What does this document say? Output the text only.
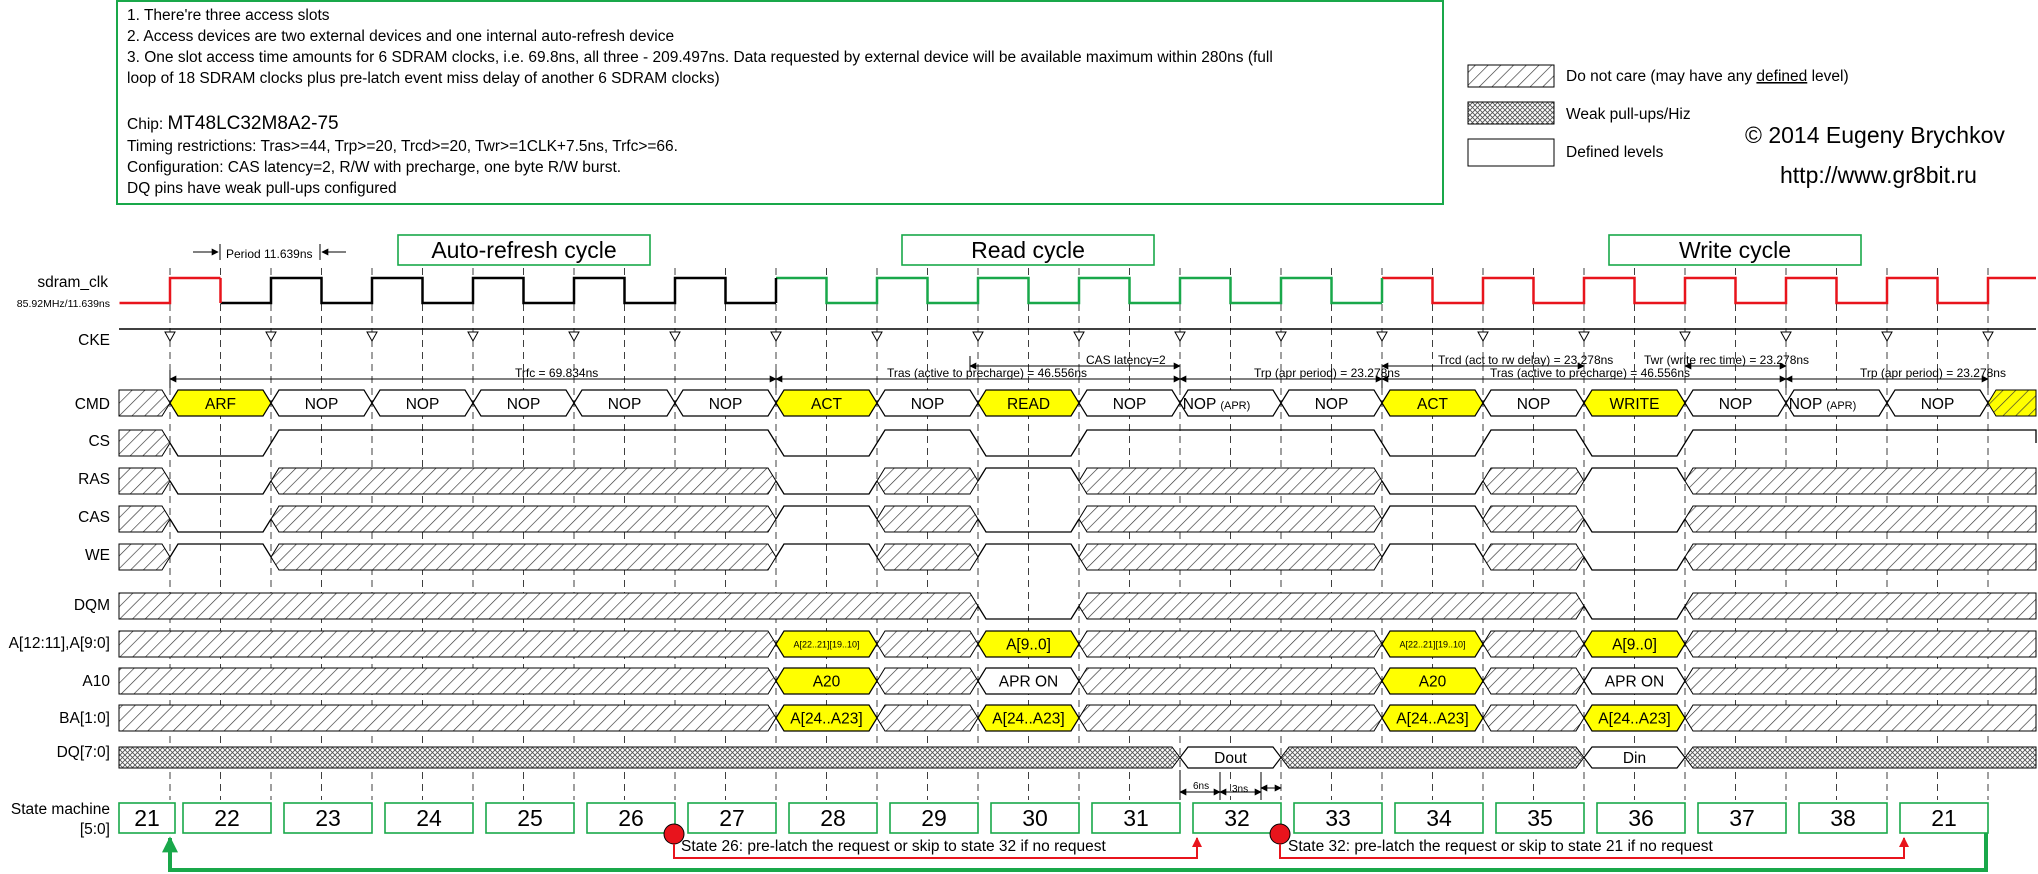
1. There're three access slots
2. Access devices are two external devices and one internal auto-refresh device
3. One slot access time amounts for 6 SDRAM clocks, i.e. 69.8ns, all three - 209.497ns. Data requested by external device will be available maximum within 280ns (full
loop of 18 SDRAM clocks plus pre-latch event miss delay of another 6 SDRAM clocks)
Chip: MT48LC32M8A2-75
Timing restrictions: Tras>=44, Trp>=20, Trcd>=20, Twr>=1CLK+7.5ns, Trfc>=66.
Configuration: CAS latency=2, R/W with precharge, one byte R/W burst.
DQ pins have weak pull-ups configured
Do not care (may have any defined level)
Weak pull-ups/Hiz
Defined levels
© 2014 Eugeny Brychkov
http://www.gr8bit.ru
Auto-refresh cycle	Read cycle	Write cycle
sdram_clk
85.92MHz/11.639ns
CKE
CMD
CS
RAS
CAS
WE
DQM
A[12:11],A[9:0]
A10
BA[1:0]
DQ[7:0]
State machine
[5:0]
ARF	NOP	NOP	NOP	NOP	NOP	ACT	NOP	READ	NOP NOP (APR)	NOP	ACT	NOP	WRITE	NOP NOP (APR)	NOP
A[22..21][19..10]	A[9..0]	A[22..21][19..10]	A[9..0]
A20	APR ON	A20	APR ON
A[24..A23]	A[24..A23]	A[24..A23]	A[24..A23]
Dout	Din
Period 11.639ns
Trfc = 69.834ns	Tras (active to precharge) = 46.556ns
CAS latency=2
Trp (apr period) = 23.278ns
Trcd (act to rw delay) = 23.278ns	Twr (write rec time) = 23.278ns
Tras (active to precharge) = 46.556ns	Trp (apr period) = 23.278ns
6ns 3ns
21 22	23	24	25	26	27	28	29	30	31	32	33	34	35	36	37	38	21
State 26: pre-latch the request or skip to state 32 if no request	State 32: pre-latch the request or skip to state 21 if no request
